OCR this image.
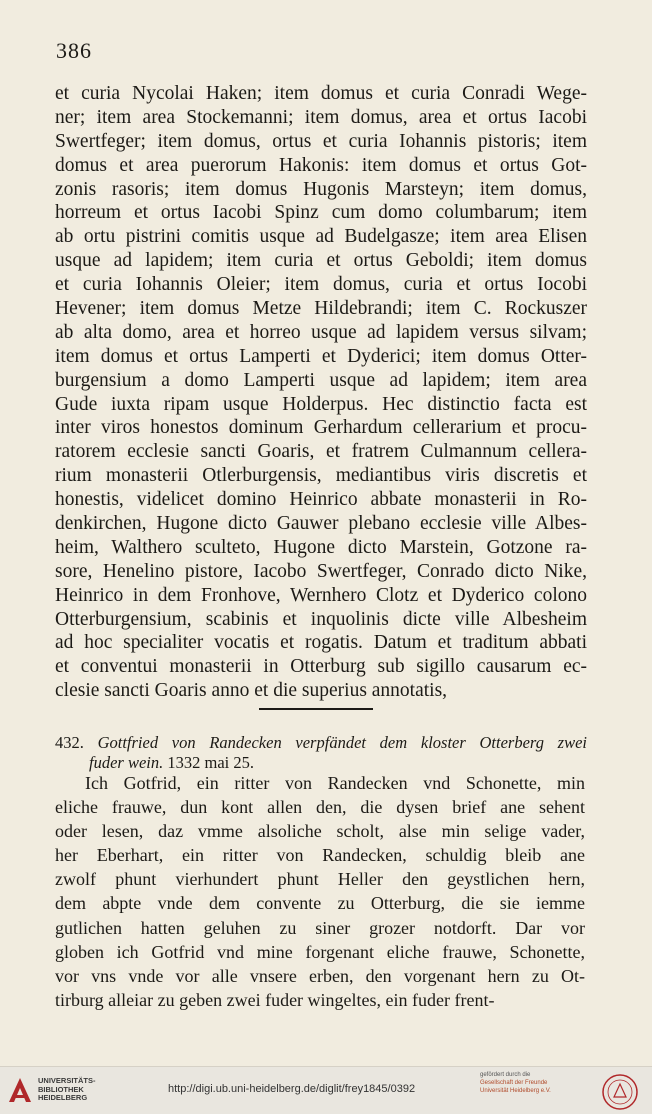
386
et curia Nycolai Haken; item domus et curia Conradi Wege-
ner; item area Stockemanni; item domus, area et ortus Iacobi
Swertfeger; item domus, ortus et curia Iohannis pistoris; item
domus et area puerorum Hakonis: item domus et ortus Got-
zonis rasoris; item domus Hugonis Marsteyn; item domus,
horreum et ortus Iacobi Spinz cum domo columbarum; item
ab ortu pistrini comitis usque ad Budelgasze; item area Elisen
usque ad lapidem; item curia et ortus Geboldi; item domus
et curia Iohannis Oleier; item domus, curia et ortus Iocobi
Hevener; item domus Metze Hildebrandi; item C. Rockuszer
ab alta domo, area et horreo usque ad lapidem versus silvam;
item domus et ortus Lamperti et Dyderici; item domus Otter-
burgensium a domo Lamperti usque ad lapidem; item area
Gude iuxta ripam usque Holderpus. Hec distinctio facta est
inter viros honestos dominum Gerhardum cellerarium et procu-
ratorem ecclesie sancti Goaris, et fratrem Culmannum cellera-
rium monasterii Otlerburgensis, mediantibus viris discretis et
honestis, videlicet domino Heinrico abbate monasterii in Ro-
denkirchen, Hugone dicto Gauwer plebano ecclesie ville Albes-
heim, Walthero sculteto, Hugone dicto Marstein, Gotzone ra-
sore, Henelino pistore, Iacobo Swertfeger, Conrado dicto Nike,
Heinrico in dem Fronhove, Wernhero Clotz et Dyderico colono
Otterburgensium, scabinis et inquolinis dicte ville Albesheim
ad hoc specialiter vocatis et rogatis. Datum et traditum abbati
et conventui monasterii in Otterburg sub sigillo causarum ec-
clesie sancti Goaris anno et die superius annotatis,
432. Gottfried von Randecken verpfändet dem kloster Otterberg zwei
fuder wein. 1332 mai 25.
Ich Gotfrid, ein ritter von Randecken vnd Schonette, min
eliche frauwe, dun kont allen den, die dysen brief ane sehent
oder lesen, daz vmme alsoliche scholt, alse min selige vader,
her Eberhart, ein ritter von Randecken, schuldig bleib ane
zwolf phunt vierhundert phunt Heller den geystlichen hern,
dem abpte vnde dem convente zu Otterburg, die sie iemme
gutlichen hatten geluhen zu siner grozer notdorft. Dar vor
globen ich Gotfrid vnd mine forgenant eliche frauwe, Schonette,
vor vns vnde vor alle vnsere erben, den vorgenant hern zu Ot-
tirburg alleiar zu geben zwei fuder wingeltes, ein fuder frent-
UNIVERSITÄTS-
BIBLIOTHEK
HEIDELBERG
http://digi.ub.uni-heidelberg.de/diglit/frey1845/0392
gefördert durch die
Gesellschaft der Freunde
Universität Heidelberg e.V.
